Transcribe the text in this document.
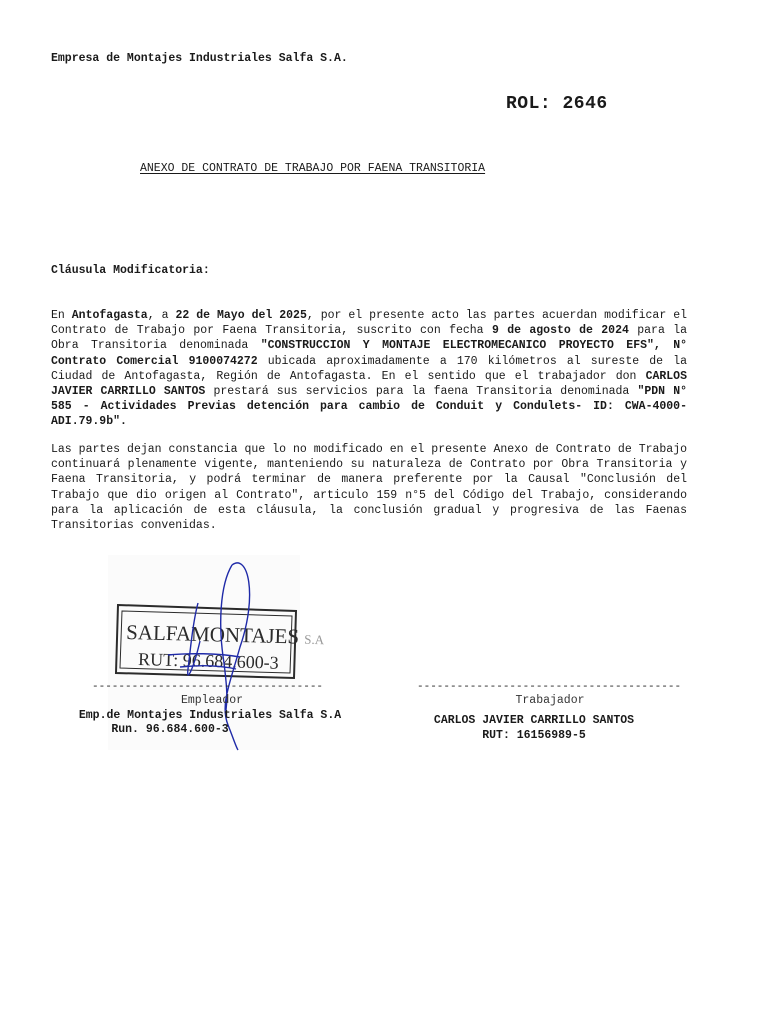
Empresa de Montajes Industriales Salfa S.A.
ROL: 2646
ANEXO DE CONTRATO DE TRABAJO POR FAENA TRANSITORIA
Cláusula Modificatoria:
En Antofagasta, a 22 de Mayo del 2025, por el presente acto las partes acuerdan modificar el Contrato de Trabajo por Faena Transitoria, suscrito con fecha 9 de agosto de 2024 para la Obra Transitoria denominada "CONSTRUCCION Y MONTAJE ELECTROMECANICO PROYECTO EFS", N° Contrato Comercial 9100074272 ubicada aproximadamente a 170 kilómetros al sureste de la Ciudad de Antofagasta, Región de Antofagasta. En el sentido que el trabajador don CARLOS JAVIER CARRILLO SANTOS prestará sus servicios para la faena Transitoria denominada "PDN N° 585 - Actividades Previas detención para cambio de Conduit y Condulets- ID: CWA-4000-ADI.79.9b".
Las partes dejan constancia que lo no modificado en el presente Anexo de Contrato de Trabajo continuará plenamente vigente, manteniendo su naturaleza de Contrato por Obra Transitoria y Faena Transitoria, y podrá terminar de manera preferente por la Causal "Conclusión del Trabajo que dio origen al Contrato", articulo 159 n°5 del Código del Trabajo, considerando para la aplicación de esta cláusula, la conclusión gradual y progresiva de las Faenas Transitorias convenidas.
SALFAMONTAJES S.A
RUT: 96.684.600-3
-----------------------------------
Empleador
Emp.de Montajes Industriales Salfa S.A
Run. 96.684.600-3
----------------------------------------
Trabajador
CARLOS JAVIER CARRILLO SANTOS
RUT: 16156989-5
